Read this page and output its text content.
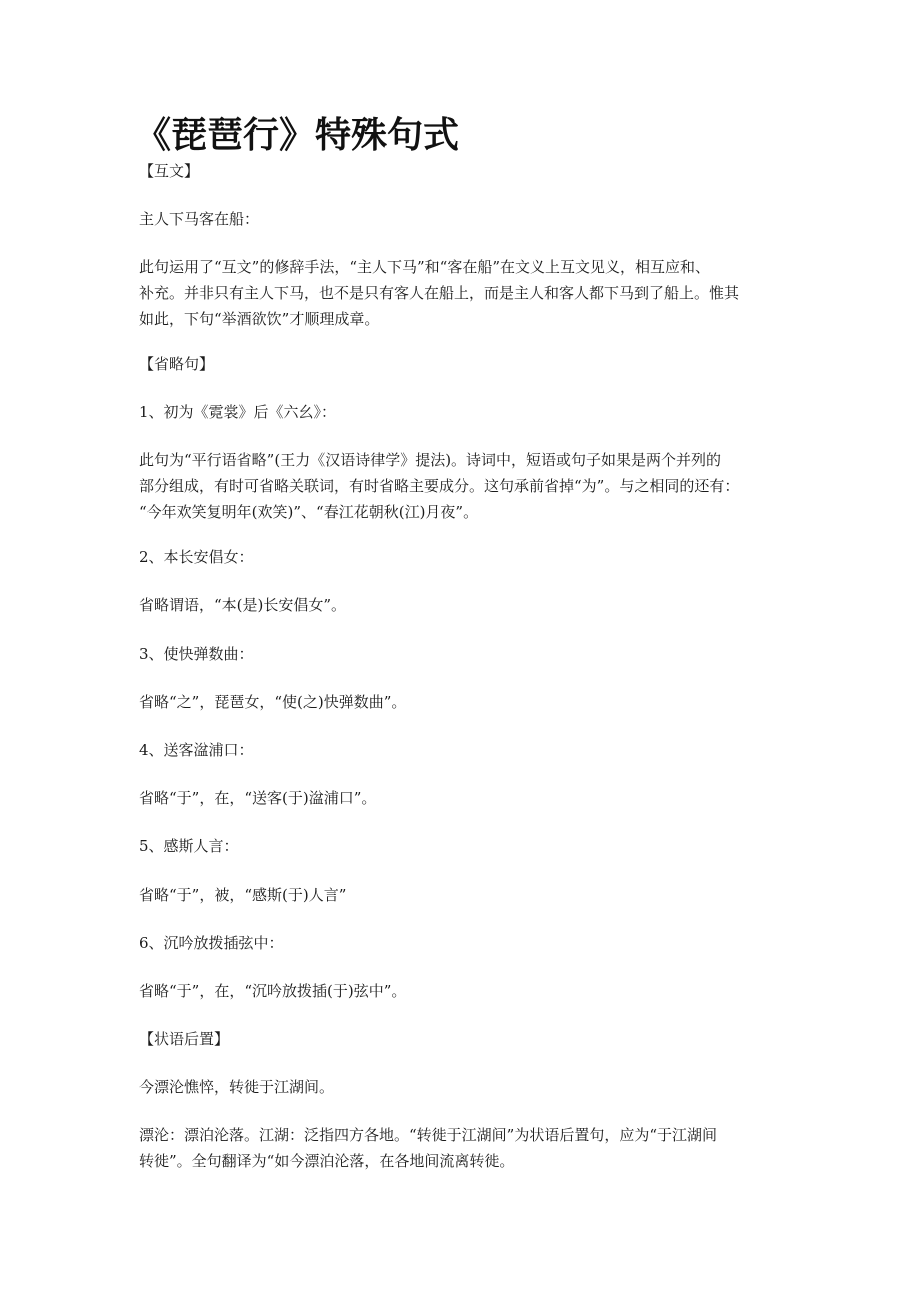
《琵琶行》特殊句式

【互文】

主人下马客在船：

此句运用了“互文”的修辞手法，“主人下马”和“客在船”在文义上互文见义，相互应和、
补充。并非只有主人下马，也不是只有客人在船上，而是主人和客人都下马到了船上。惟其
如此，下句“举酒欲饮”才顺理成章。

【省略句】

1、初为《霓裳》后《六幺》：

此句为“平行语省略”(王力《汉语诗律学》提法)。诗词中，短语或句子如果是两个并列的
部分组成，有时可省略关联词，有时省略主要成分。这句承前省掉“为”。与之相同的还有：
“今年欢笑复明年(欢笑)”、“春江花朝秋(江)月夜”。

2、本长安倡女：

省略谓语，“本(是)长安倡女”。

3、使快弹数曲：

省略“之”，琵琶女，“使(之)快弹数曲”。

4、送客湓浦口：

省略“于”，在，“送客(于)湓浦口”。

5、感斯人言：

省略“于”，被，“感斯(于)人言”

6、沉吟放拨插弦中：

省略“于”，在，“沉吟放拨插(于)弦中”。

【状语后置】

今漂沦憔悴，转徙于江湖间。

漂沦：漂泊沦落。江湖：泛指四方各地。“转徙于江湖间”为状语后置句，应为“于江湖间
转徙”。全句翻译为“如今漂泊沦落，在各地间流离转徙。
